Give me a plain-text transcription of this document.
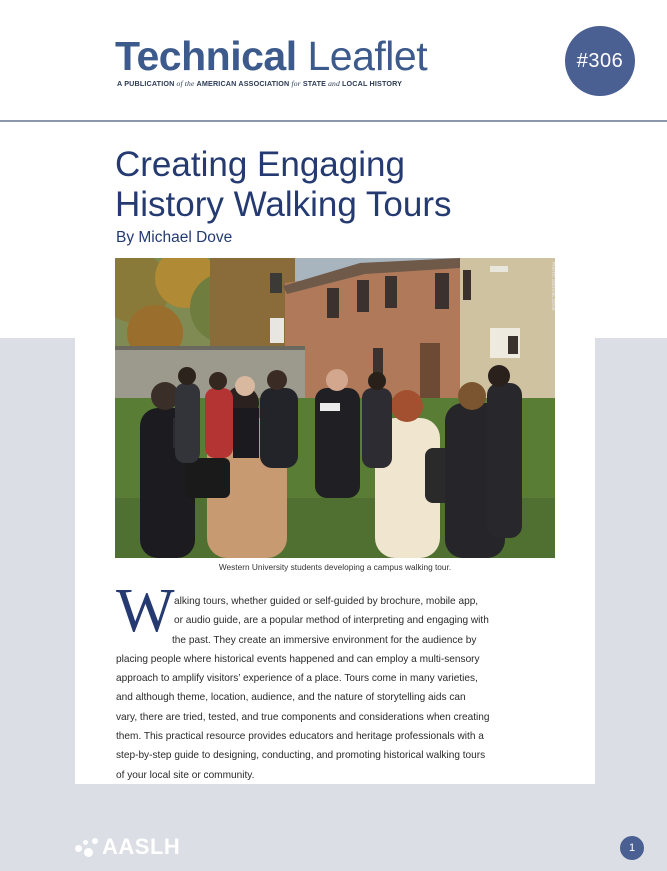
Technical Leaflet
A PUBLICATION of the AMERICAN ASSOCIATION for STATE and LOCAL HISTORY
#306
Creating Engaging
History Walking Tours
By Michael Dove
PHOTO: MICHAEL DOVE
Western University students developing a campus walking tour.
W alking tours, whether guided or self-guided by brochure, mobile app,
or audio guide, are a popular method of interpreting and engaging with
the past. They create an immersive environment for the audience by
placing people where historical events happened and can employ a multi-sensory
approach to amplify visitors’ experience of a place. Tours come in many varieties,
and although theme, location, audience, and the nature of storytelling aids can
vary, there are tried, tested, and true components and considerations when creating
them. This practical resource provides educators and heritage professionals with a
step-by-step guide to designing, conducting, and promoting historical walking tours
of your local site or community.
AASLH	1
